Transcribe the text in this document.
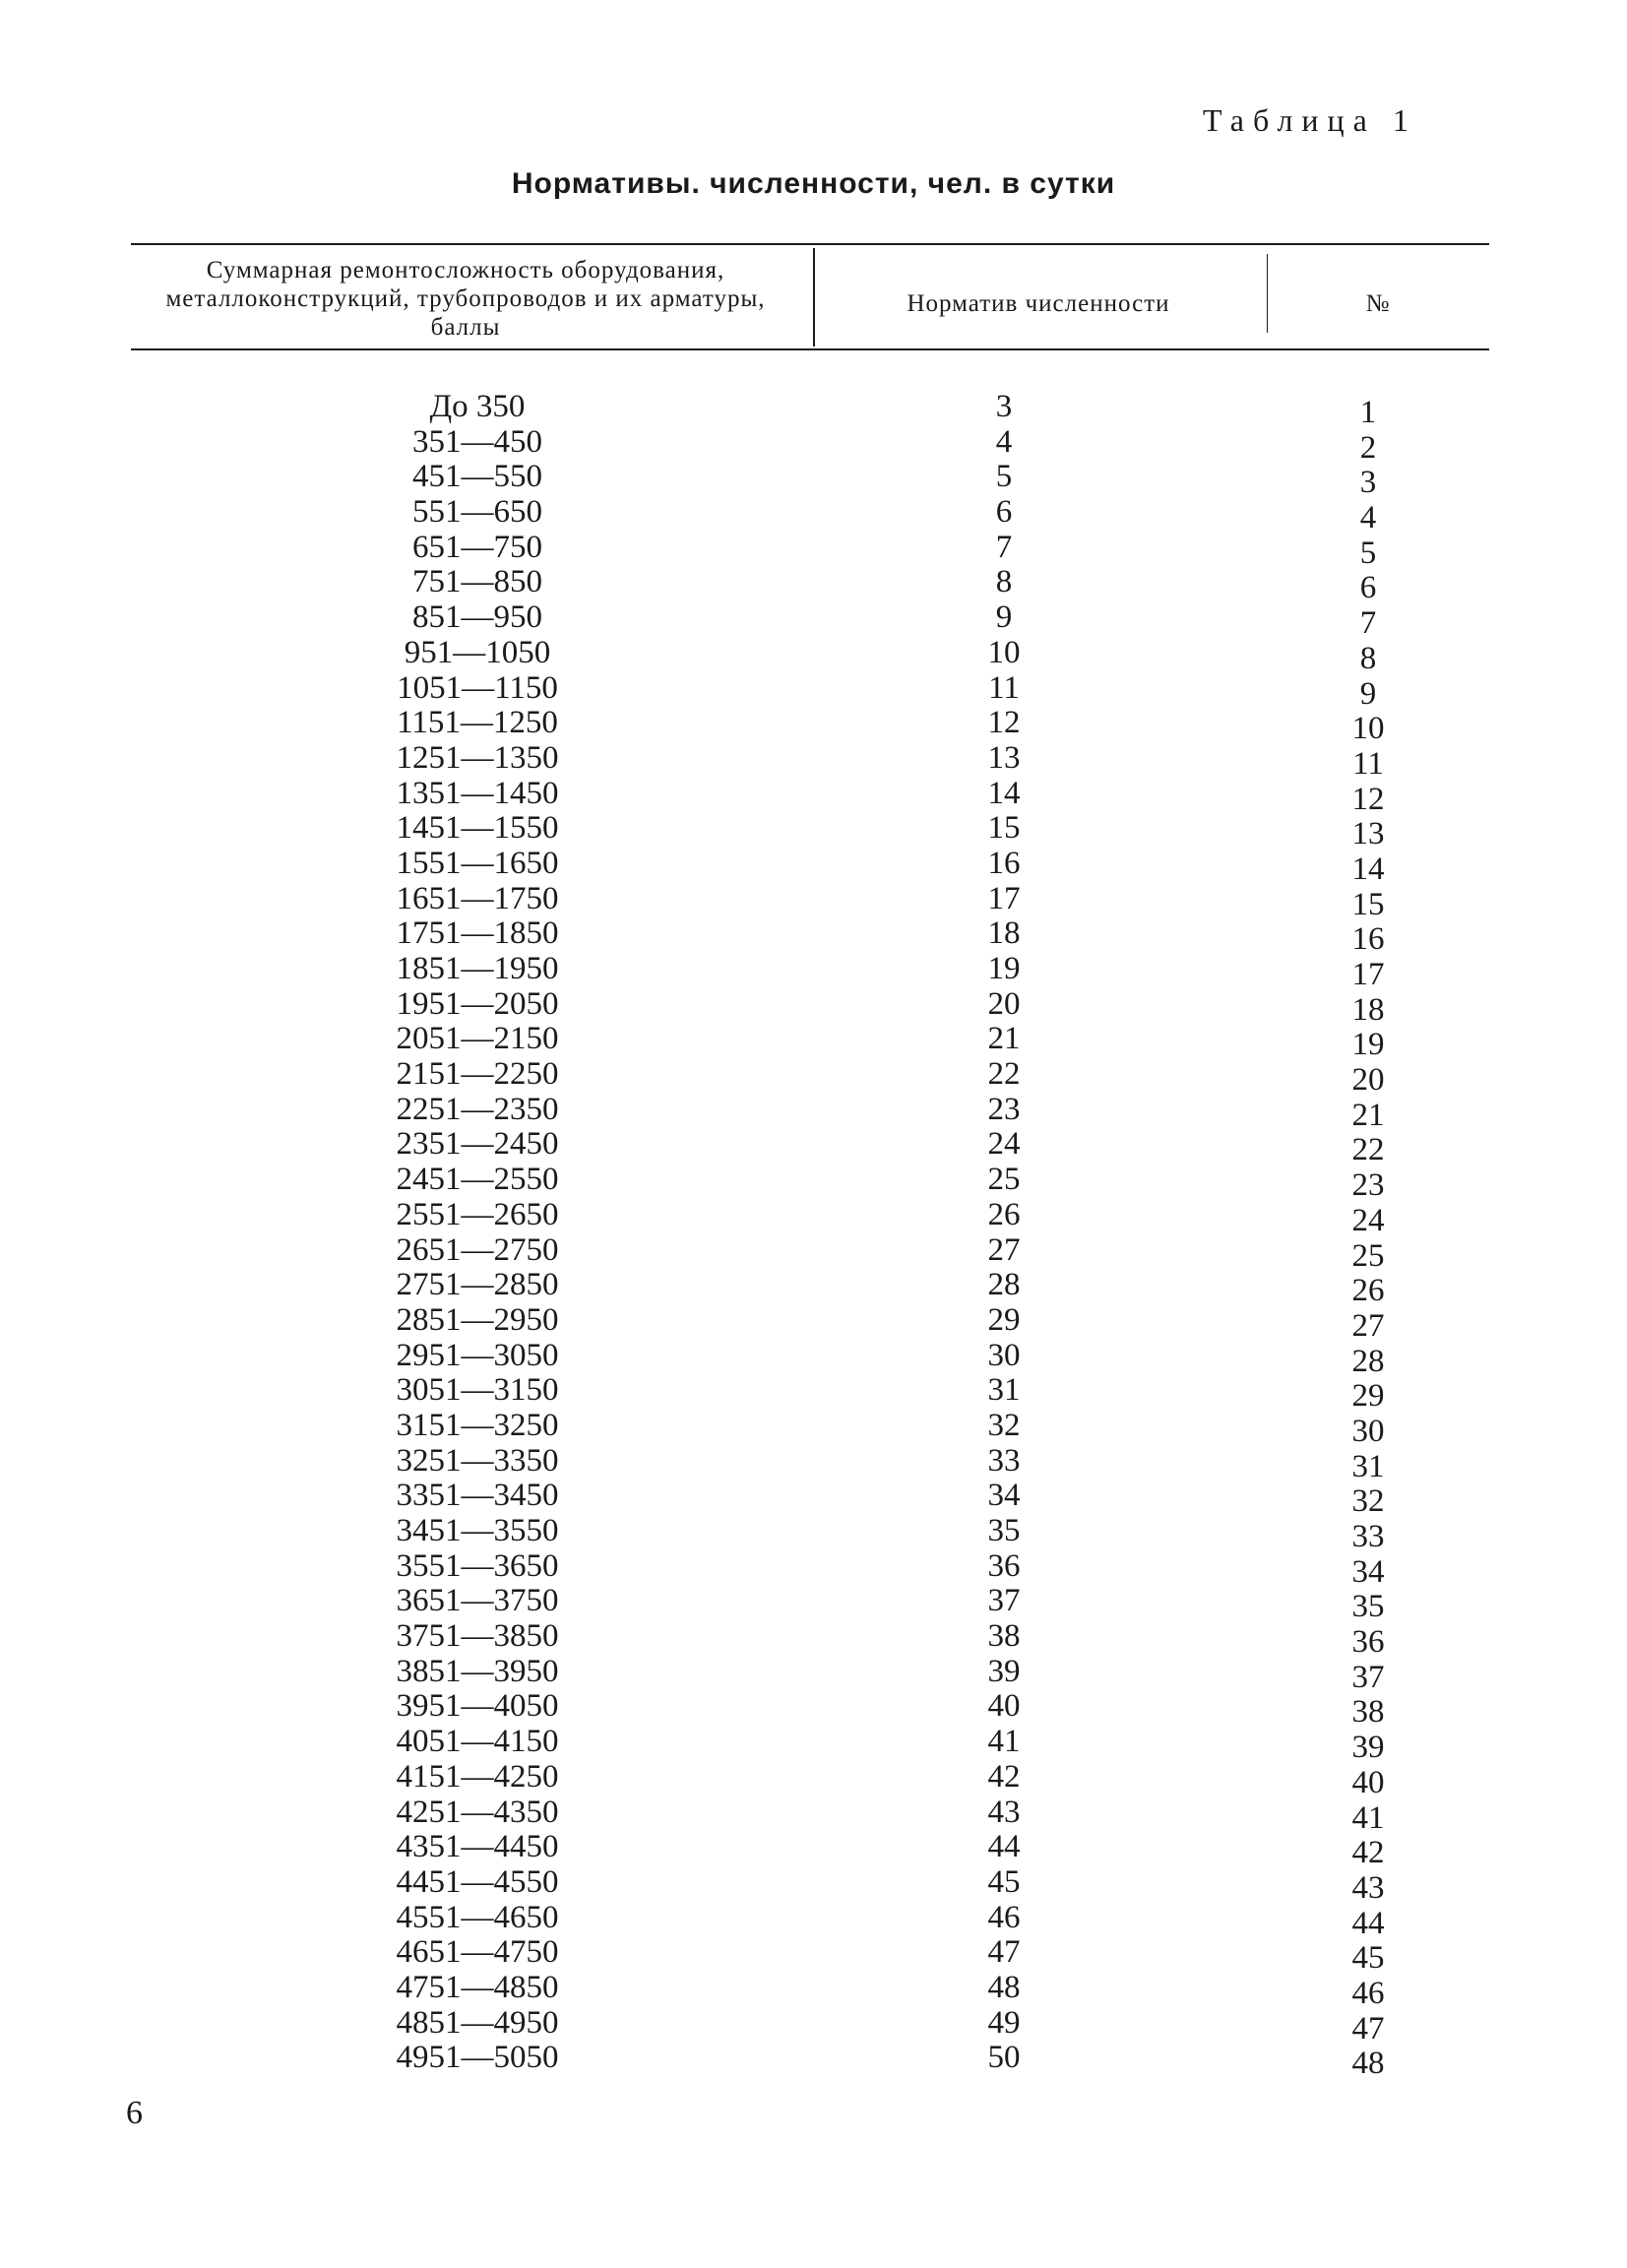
Таблица 1
Нормативы. численности, чел. в сутки
Суммарная ремонтосложность оборудования, металлоконструкций, трубопроводов и их арматуры, баллы
Норматив численности	№
До 350	3	1
351—450	4	2
451—550	5	3
551—650	6	4
651—750	7	5
751—850	8	6
851—950	9	7
951—1050	10	8
1051—1150	11	9
1151—1250	12	10
1251—1350	13	11
1351—1450	14	12
1451—1550	15	13
1551—1650	16	14
1651—1750	17	15
1751—1850	18	16
1851—1950	19	17
1951—2050	20	18
2051—2150	21	19
2151—2250	22	20
2251—2350	23	21
2351—2450	24	22
2451—2550	25	23
2551—2650	26	24
2651—2750	27	25
2751—2850	28	26
2851—2950	29	27
2951—3050	30	28
3051—3150	31	29
3151—3250	32	30
3251—3350	33	31
3351—3450	34	32
3451—3550	35	33
3551—3650	36	34
3651—3750	37	35
3751—3850	38	36
3851—3950	39	37
3951—4050	40	38
4051—4150	41	39
4151—4250	42	40
4251—4350	43	41
4351—4450	44	42
4451—4550	45	43
4551—4650	46	44
4651—4750	47	45
4751—4850	48	46
4851—4950	49	47
4951—5050	50	48
6
